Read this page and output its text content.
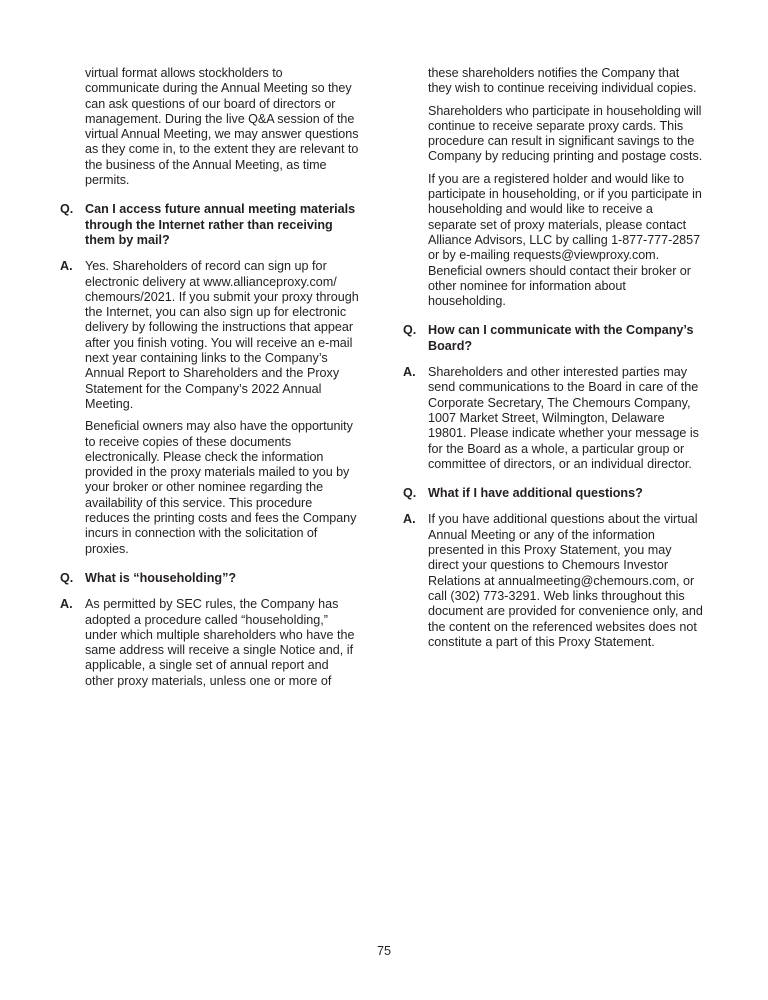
virtual format allows stockholders to communicate during the Annual Meeting so they can ask questions of our board of directors or management. During the live Q&A session of the virtual Annual Meeting, we may answer questions as they come in, to the extent they are relevant to the business of the Annual Meeting, as time permits.

Q. Can I access future annual meeting materials through the Internet rather than receiving them by mail?
A. Yes. Shareholders of record can sign up for electronic delivery at www.allianceproxy.com/ chemours/2021. If you submit your proxy through the Internet, you can also sign up for electronic delivery by following the instructions that appear after you finish voting. You will receive an e-mail next year containing links to the Company’s Annual Report to Shareholders and the Proxy Statement for the Company’s 2022 Annual Meeting.

Beneficial owners may also have the opportunity to receive copies of these documents electronically. Please check the information provided in the proxy materials mailed to you by your broker or other nominee regarding the availability of this service. This procedure reduces the printing costs and fees the Company incurs in connection with the solicitation of proxies.

Q. What is “householding”?
A. As permitted by SEC rules, the Company has adopted a procedure called “householding,” under which multiple shareholders who have the same address will receive a single Notice and, if applicable, a single set of annual report and other proxy materials, unless one or more of

these shareholders notifies the Company that they wish to continue receiving individual copies.

Shareholders who participate in householding will continue to receive separate proxy cards. This procedure can result in significant savings to the Company by reducing printing and postage costs.

If you are a registered holder and would like to participate in householding, or if you participate in householding and would like to receive a separate set of proxy materials, please contact Alliance Advisors, LLC by calling 1-877-777-2857 or by e-mailing requests@viewproxy.com. Beneficial owners should contact their broker or other nominee for information about householding.

Q. How can I communicate with the Company’s Board?
A. Shareholders and other interested parties may send communications to the Board in care of the Corporate Secretary, The Chemours Company, 1007 Market Street, Wilmington, Delaware 19801. Please indicate whether your message is for the Board as a whole, a particular group or committee of directors, or an individual director.
Q. What if I have additional questions?
A. If you have additional questions about the virtual Annual Meeting or any of the information presented in this Proxy Statement, you may direct your questions to Chemours Investor Relations at annualmeeting@chemours.com, or call (302) 773-3291. Web links throughout this document are provided for convenience only, and the content on the referenced websites does not constitute a part of this Proxy Statement.
75
